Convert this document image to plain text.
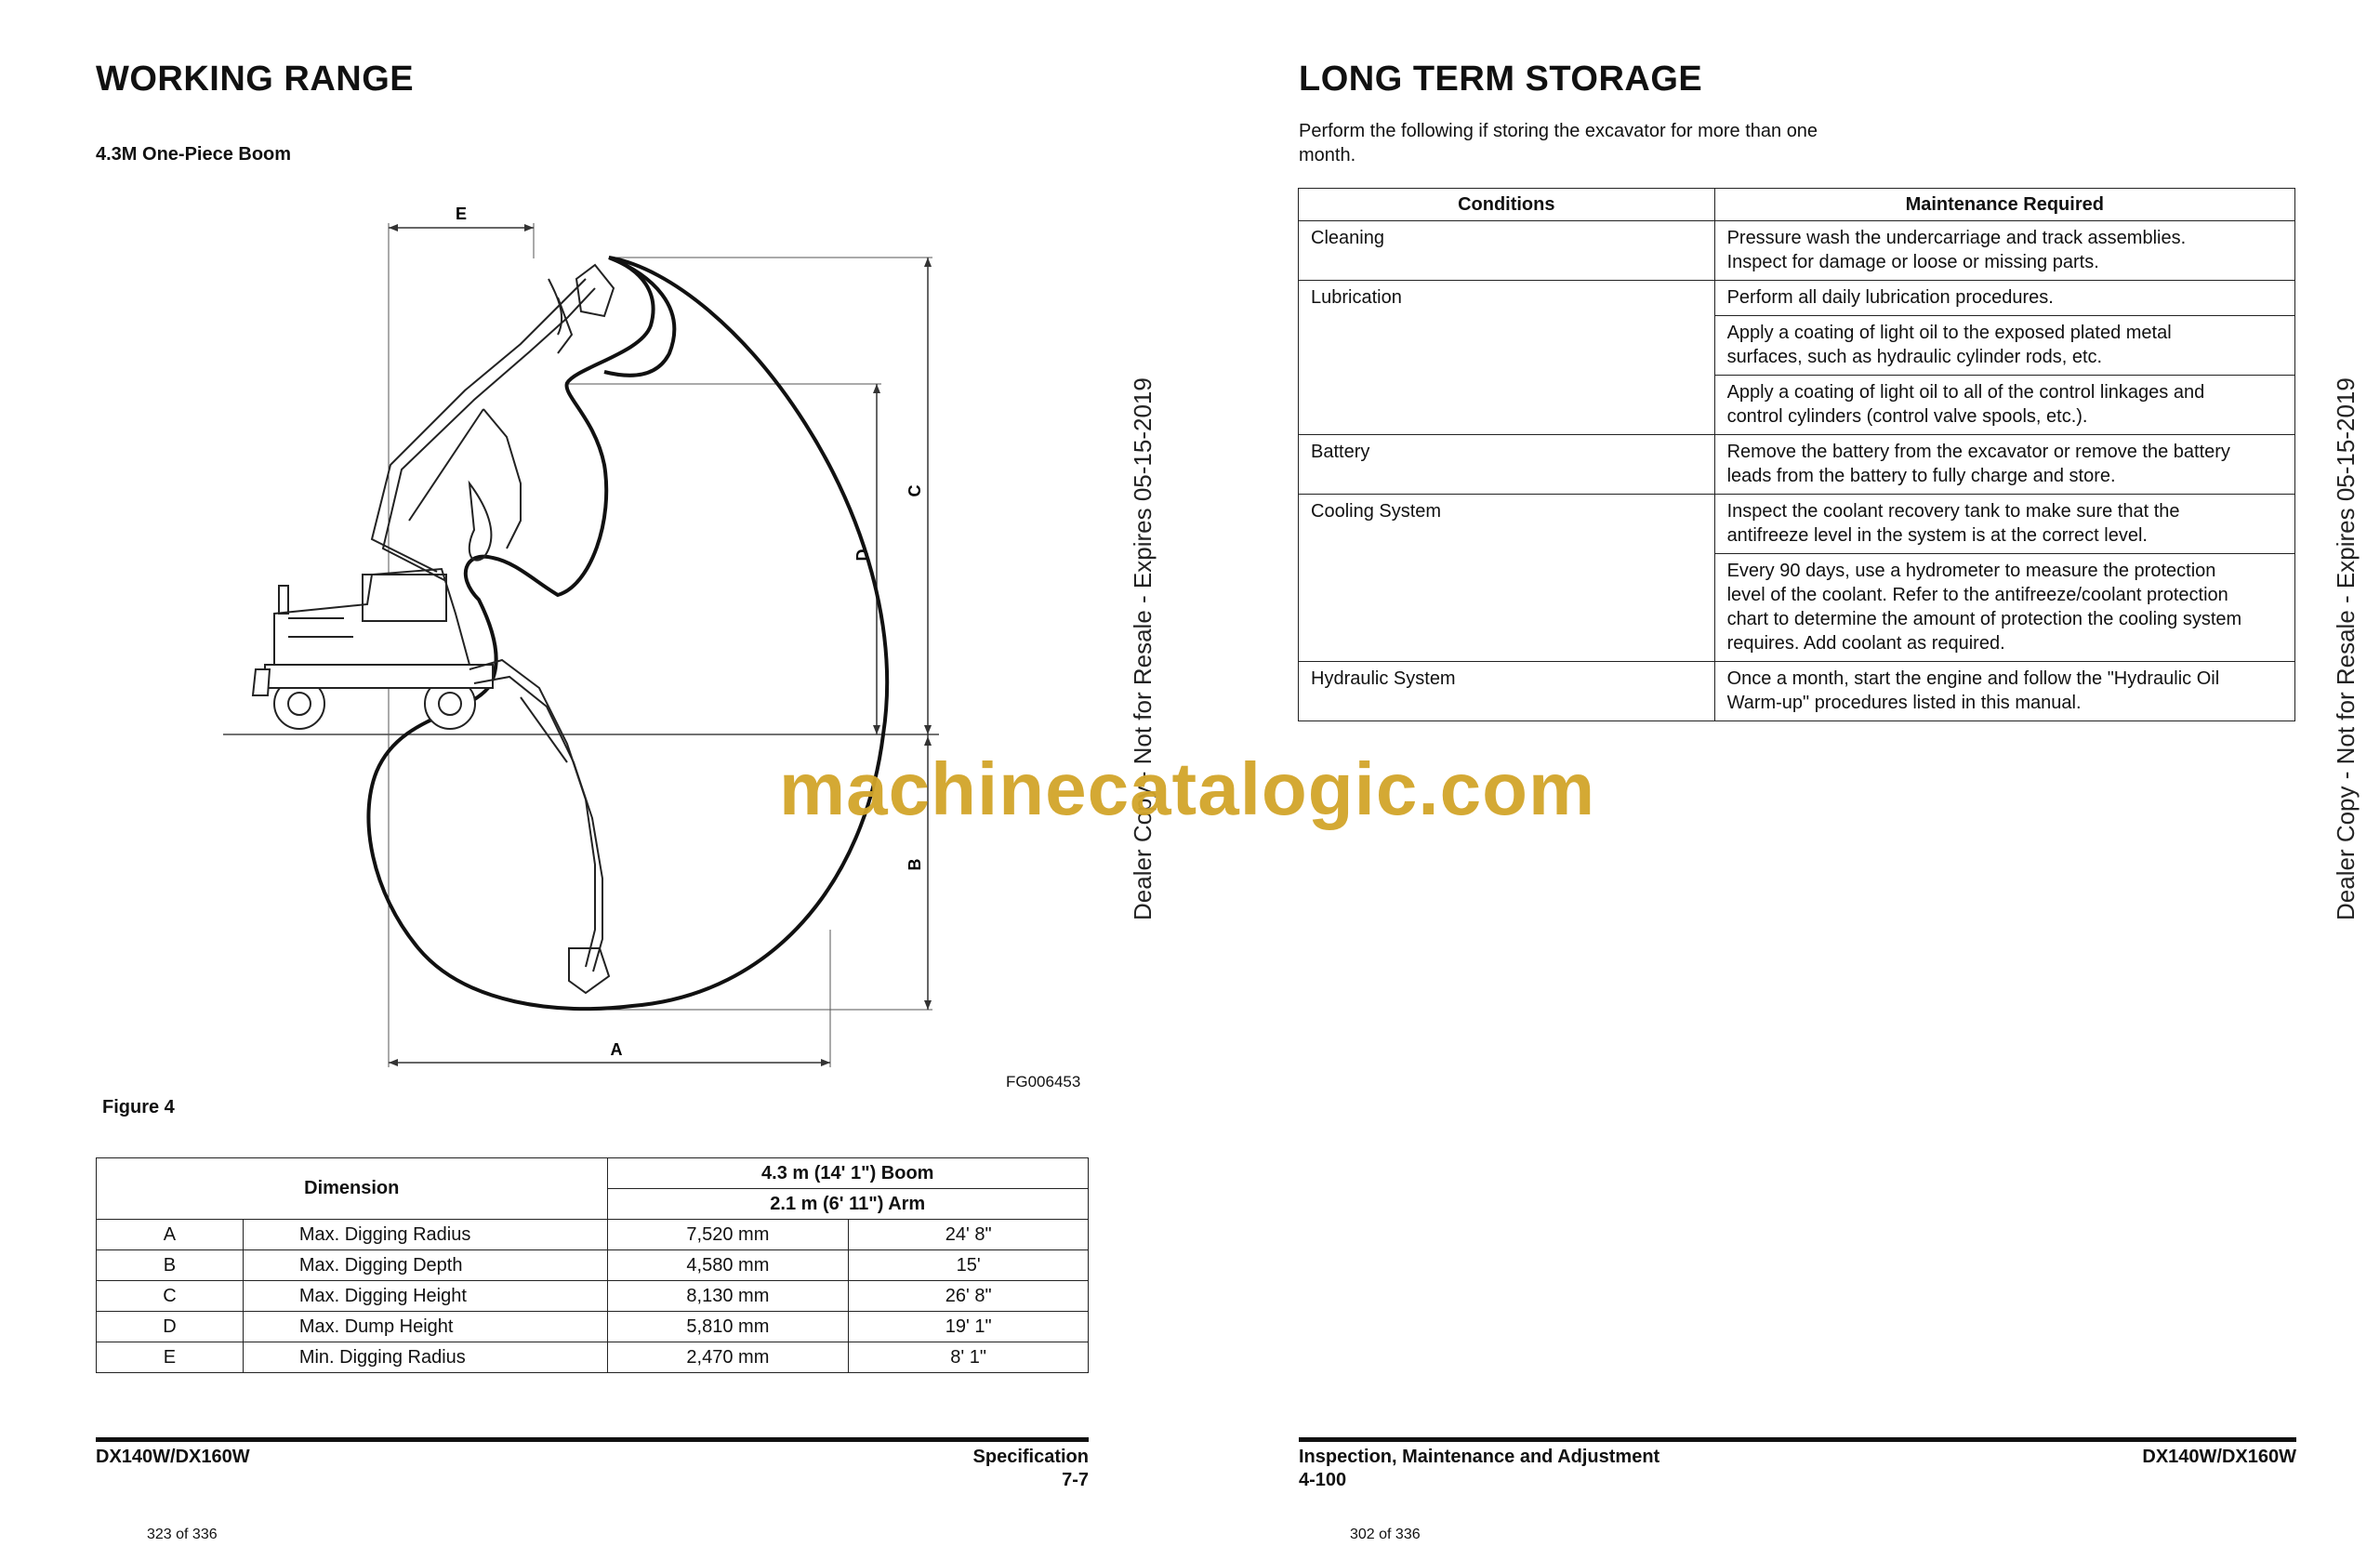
WORKING RANGE
4.3M One-Piece Boom
E
A
C
D
B
FG006453
Figure 4
Dimension		4.3 m (14' 1") Boom	
		2.1 m (6' 11") Arm	
A	Max. Digging Radius	7,520 mm	24' 8"
B	Max. Digging Depth	4,580 mm	15'
C	Max. Digging Height	8,130 mm	26' 8"
D	Max. Dump Height	5,810 mm	19' 1"
E	Min. Digging Radius	2,470 mm	8' 1"
DX140W/DX160W	Specification
7-7
323 of 336
LONG TERM STORAGE
Perform the following if storing the excavator for more than one
month.
Conditions	Maintenance Required
Cleaning	Pressure wash the undercarriage and track assemblies.
Inspect for damage or loose or missing parts.

Lubrication	Perform all daily lubrication procedures.

	Apply a coating of light oil to the exposed plated metal
surfaces, such as hydraulic cylinder rods, etc.

	Apply a coating of light oil to all of the control linkages and
control cylinders (control valve spools, etc.).

Battery	Remove the battery from the excavator or remove the battery
leads from the battery to fully charge and store.

Cooling System	Inspect the coolant recovery tank to make sure that the
antifreeze level in the system is at the correct level.

	Every 90 days, use a hydrometer to measure the protection
level of the coolant. Refer to the antifreeze/coolant protection
chart to determine the amount of protection the cooling system
requires. Add coolant as required.

Hydraulic System	Once a month, start the engine and follow the "Hydraulic Oil
Warm-up" procedures listed in this manual.
Inspection, Maintenance and Adjustment
4-100
DX140W/DX160W
302 of 336
Dealer Copy - Not for Resale - Expires 05-15-2019	Dealer Copy - Not for Resale - Expires 05-15-2019
machinecatalogic.com
